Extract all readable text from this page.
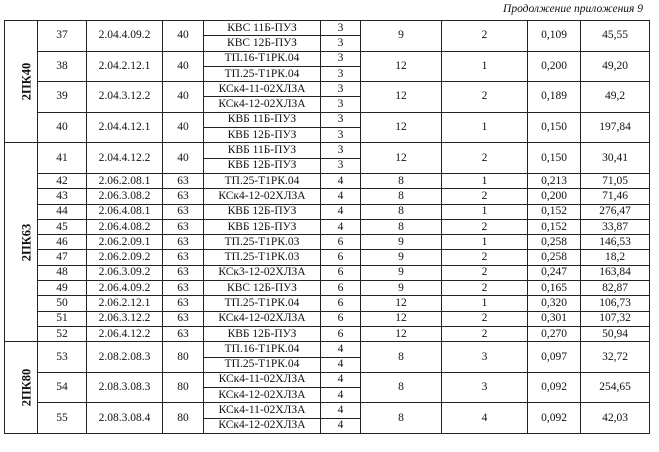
Продолжение приложения 9
2ПК40	37	2.04.4.09.2	40	КВС 11Б-ПУЗ	3	9	2	0,109	45,55
				КВС 12Б-ПУЗ	3				
	38	2.04.2.12.1	40	ТП.16-Т1РК.04	3	12	1	0,200	49,20
				ТП.25-Т1РК.04	3				
	39	2.04.3.12.2	40	КСк4-11-02ХЛЗА	3	12	2	0,189	49,2
				КСк4-12-02ХЛЗА	3				
	40	2.04.4.12.1	40	КВБ 11Б-ПУЗ	3	12	1	0,150	197,84
				КВБ 12Б-ПУЗ	3				
2ПК63	41	2.04.4.12.2	40	КВБ 11Б-ПУЗ	3	12	2	0,150	30,41
				КВБ 12Б-ПУЗ	3				
	42	2.06.2.08.1	63	ТП.25-Т1РК.04	4	8	1	0,213	71,05
	43	2.06.3.08.2	63	КСк4-12-02ХЛЗА	4	8	2	0,200	71,46
	44	2.06.4.08.1	63	КВБ 12Б-ПУЗ	4	8	1	0,152	276,47
	45	2.06.4.08.2	63	КВБ 12Б-ПУЗ	4	8	2	0,152	33,87
	46	2.06.2.09.1	63	ТП.25-Т1РК.03	6	9	1	0,258	146,53
	47	2.06.2.09.2	63	ТП.25-Т1РК.03	6	9	2	0,258	18,2
	48	2.06.3.09.2	63	КСк3-12-02ХЛЗА	6	9	2	0,247	163,84
	49	2.06.4.09.2	63	КВС 12Б-ПУЗ	6	9	2	0,165	82,87
	50	2.06.2.12.1	63	ТП.25-Т1РК.04	6	12	1	0,320	106,73
	51	2.06.3.12.2	63	КСк4-12-02ХЛЗА	6	12	2	0,301	107,32
	52	2.06.4.12.2	63	КВБ 12Б-ПУЗ	6	12	2	0,270	50,94
2ПК80	53	2.08.2.08.3	80	ТП.16-Т1РК.04	4	8	3	0,097	32,72
				ТП.25-Т1РК.04	4				
	54	2.08.3.08.3	80	КСк4-11-02ХЛЗА	4	8	3	0,092	254,65
				КСк4-12-02ХЛЗА	4				
	55	2.08.3.08.4	80	КСк4-11-02ХЛЗА	4	8	4	0,092	42,03
				КСк4-12-02ХЛЗА	4				
